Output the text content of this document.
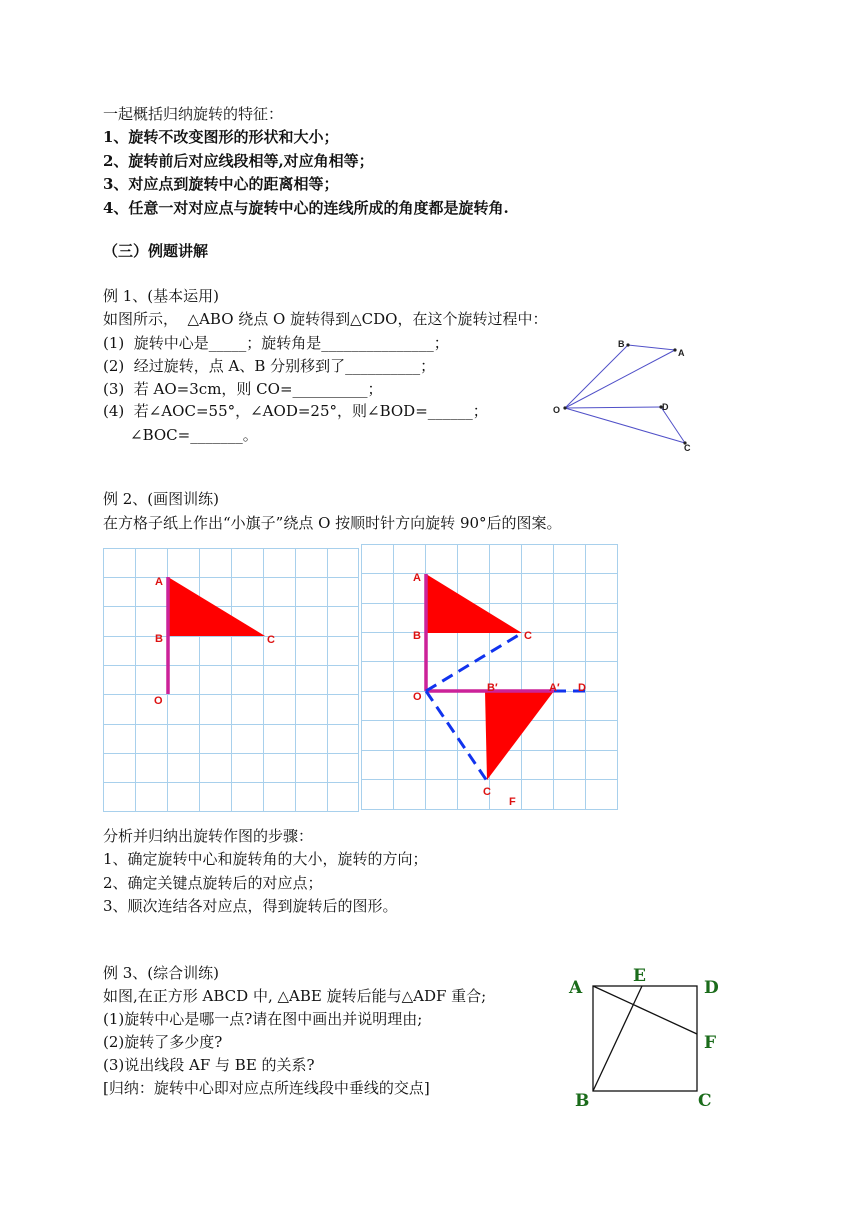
一起概括归纳旋转的特征：
1、旋转不改变图形的形状和大小；
2、旋转前后对应线段相等,对应角相等；
3、对应点到旋转中心的距离相等；
4、任意一对对应点与旋转中心的连线所成的角度都是旋转角.
（三）例题讲解
例 1、(基本运用)
如图所示，  △ABO 绕点 O 旋转得到△CDO，在这个旋转过程中：
(1)  旋转中心是_____；旋转角是_______________；
(2)  经过旋转，点 A、B 分别移到了__________；
(3)  若 AO=3cm，则 CO=__________；
(4)  若∠AOC=55°，∠AOD=25°，则∠BOD=______；
∠BOC=_______。
B
A
O	D
C
例 2、(画图训练)
在方格子纸上作出“小旗子”绕点 O 按顺时针方向旋转 90°后的图案。
A
B	C
O
A
B	C
O
B′	A′ D
C
F
分析并归纳出旋转作图的步骤：
1、确定旋转中心和旋转角的大小，旋转的方向；
2、确定关键点旋转后的对应点；
3、顺次连结各对应点，得到旋转后的图形。
例 3、(综合训练)
如图,在正方形 ABCD 中, △ABE 旋转后能与△ADF 重合;
(1)旋转中心是哪一点?请在图中画出并说明理由;
(2)旋转了多少度?
(3)说出线段 AF 与 BE 的关系?
[归纳：旋转中心即对应点所连线段中垂线的交点]
A
E
D
F
B	C
